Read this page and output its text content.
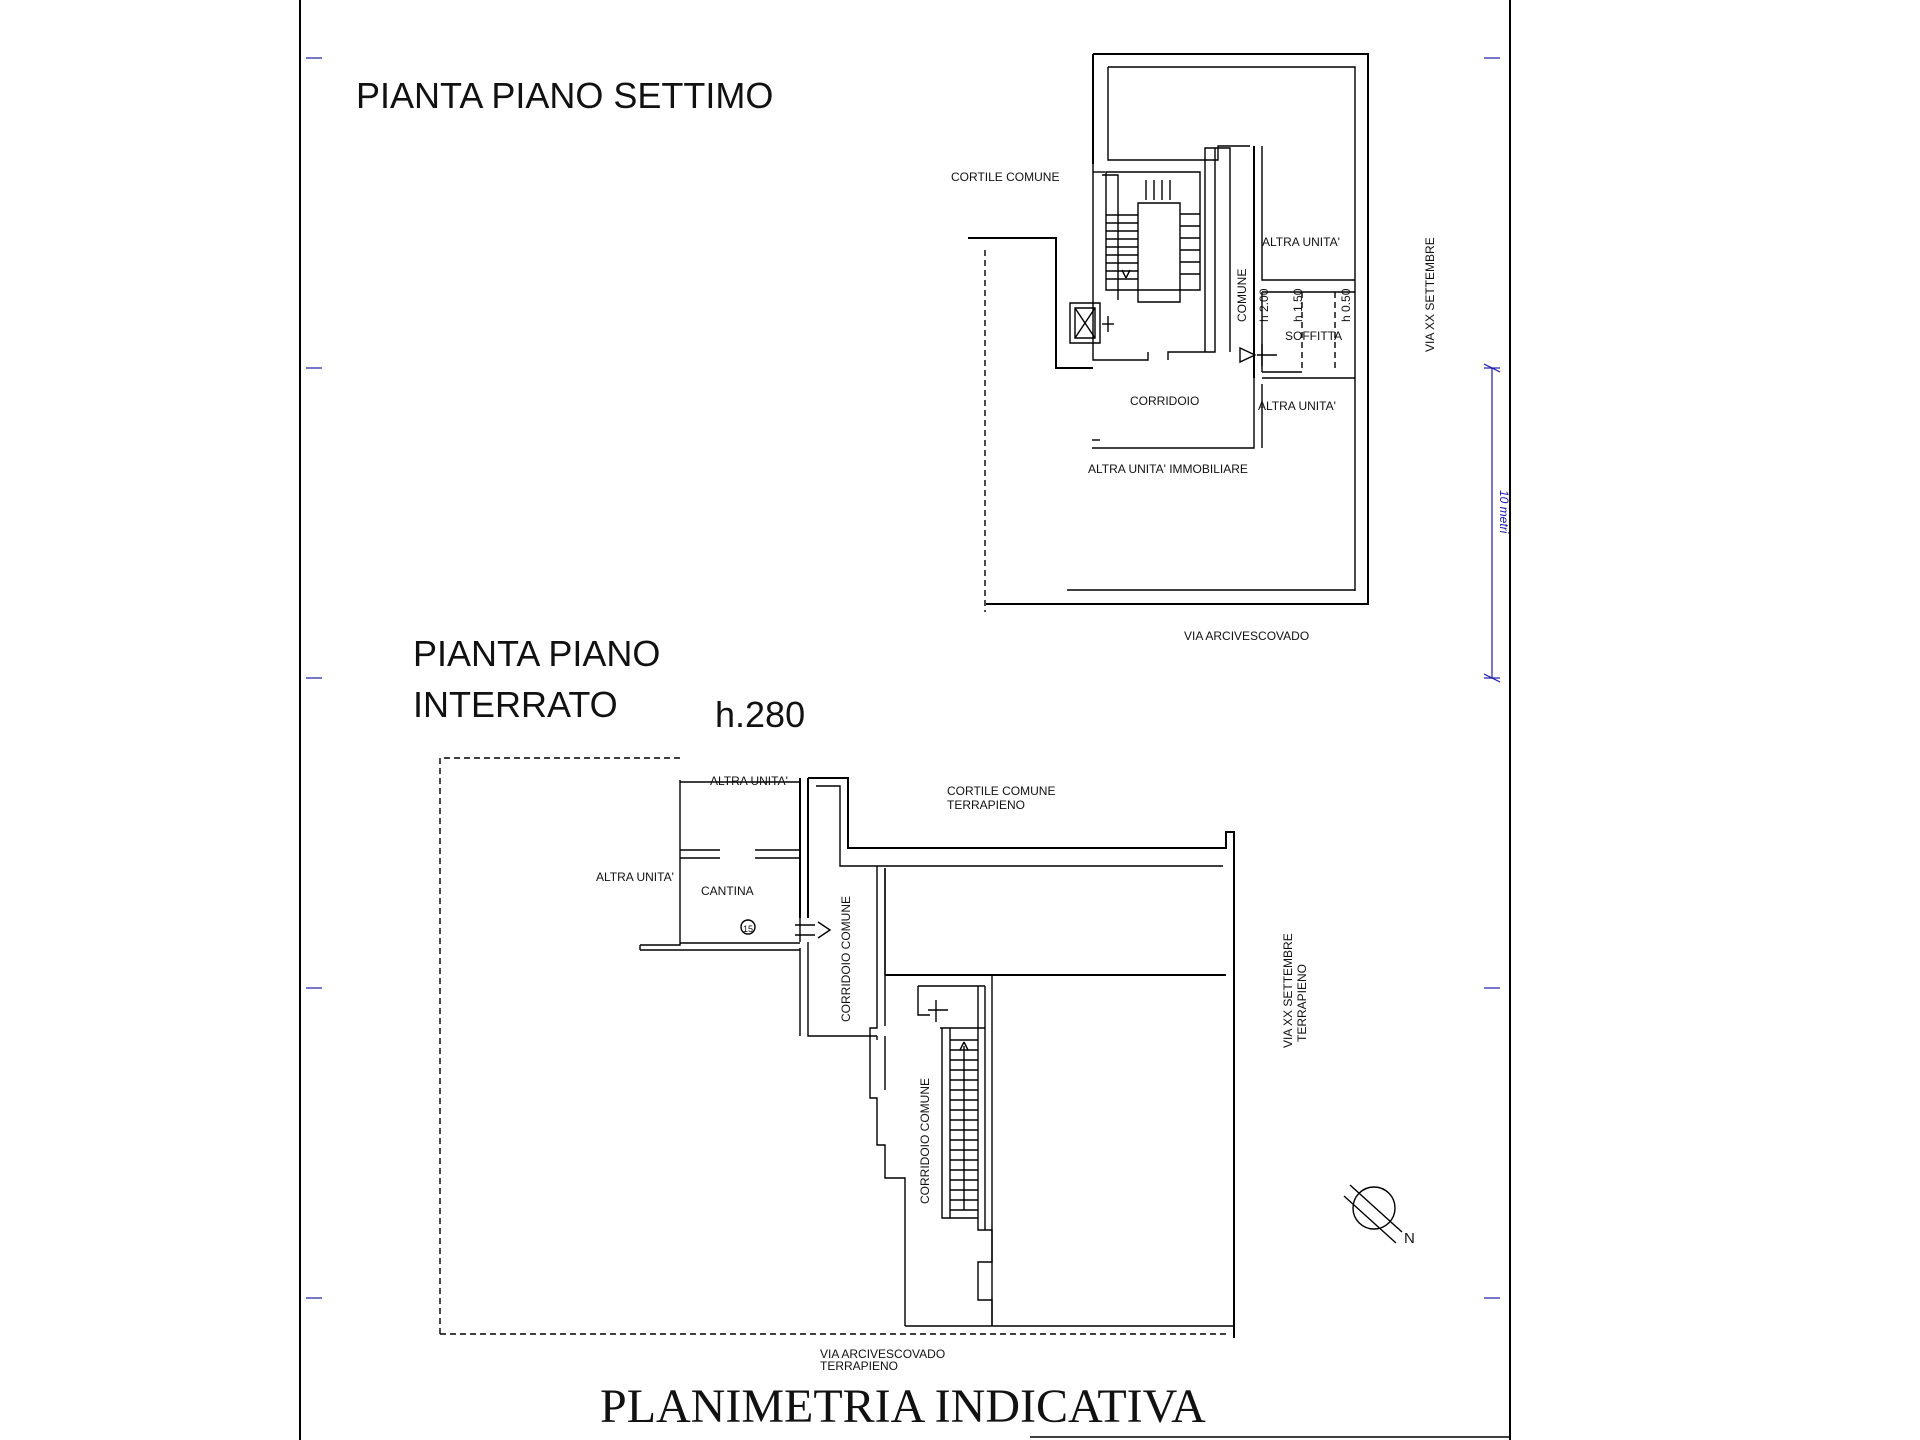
10 metri
PIANTA PIANO SETTIMO
PIANTA PIANO
INTERRATO	h.280
PLANIMETRIA INDICATIVA
CORTILE COMUNE
ALTRA UNITA'	VIA XX SETTEMBRE
COMUNE h 2.00 h 1.50	h 0.50
SOFFITTA
CORRIDOIO	ALTRA UNITA'
ALTRA UNITA' IMMOBILIARE
VIA ARCIVESCOVADO
ALTRA UNITA'
CORTILE COMUNE
TERRAPIENO
ALTRA UNITA'
CANTINA
15	CORRIDOIO COMUNE
CORRIDOIO COMUNE
VIA XX SETTEMBRE TERRAPIENO
VIA ARCIVESCOVADO
TERRAPIENO
N
